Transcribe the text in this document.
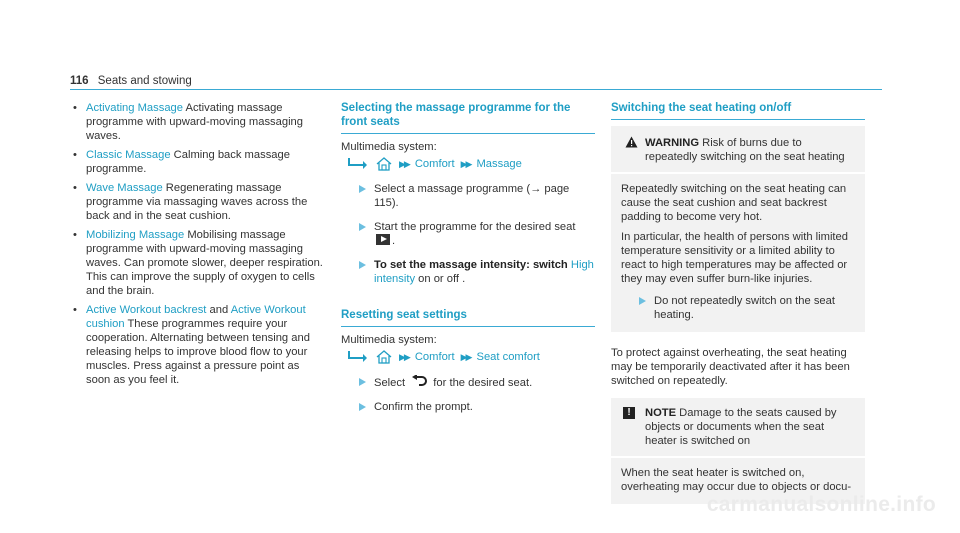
116 Seats and stowing
• Activating Massage Activating massage programme with upward-moving massaging waves.
• Classic Massage Calming back massage programme.
• Wave Massage Regenerating massage programme via massaging waves across the back and in the seat cushion.
• Mobilizing Massage Mobilising massage programme with upward-moving massaging waves. Can promote slower, deeper respiration. This can improve the supply of oxygen to cells and the brain.
• Active Workout backrest and Active Workout cushion These programmes require your cooperation. Alternating between tensing and releasing helps to improve blood flow to your muscles. Press against a pressure point as soon as you feel it.
Selecting the massage programme for the front seats
Multimedia system:
▶▶ Comfort ▶▶ Massage
Select a massage programme (→ page 115).
Start the programme for the desired seat .
To set the massage intensity: switch High intensity on or off .
Resetting seat settings
Multimedia system:
▶▶ Comfort ▶▶ Seat comfort
Select  for the desired seat.
Confirm the prompt.
Switching the seat heating on/off
WARNING Risk of burns due to repeatedly switching on the seat heating

Repeatedly switching on the seat heating can cause the seat cushion and seat backrest padding to become very hot.

In particular, the health of persons with limited temperature sensitivity or a limited ability to react to high temperatures may be affected or they may even suffer burn-like injuries.

Do not repeatedly switch on the seat heating.

To protect against overheating, the seat heating may be temporarily deactivated after it has been switched on repeatedly.

!	NOTE Damage to the seats caused by objects or documents when the seat heater is switched on
When the seat heater is switched on, overheating may occur due to objects or docu-
carmanualsonline.info
